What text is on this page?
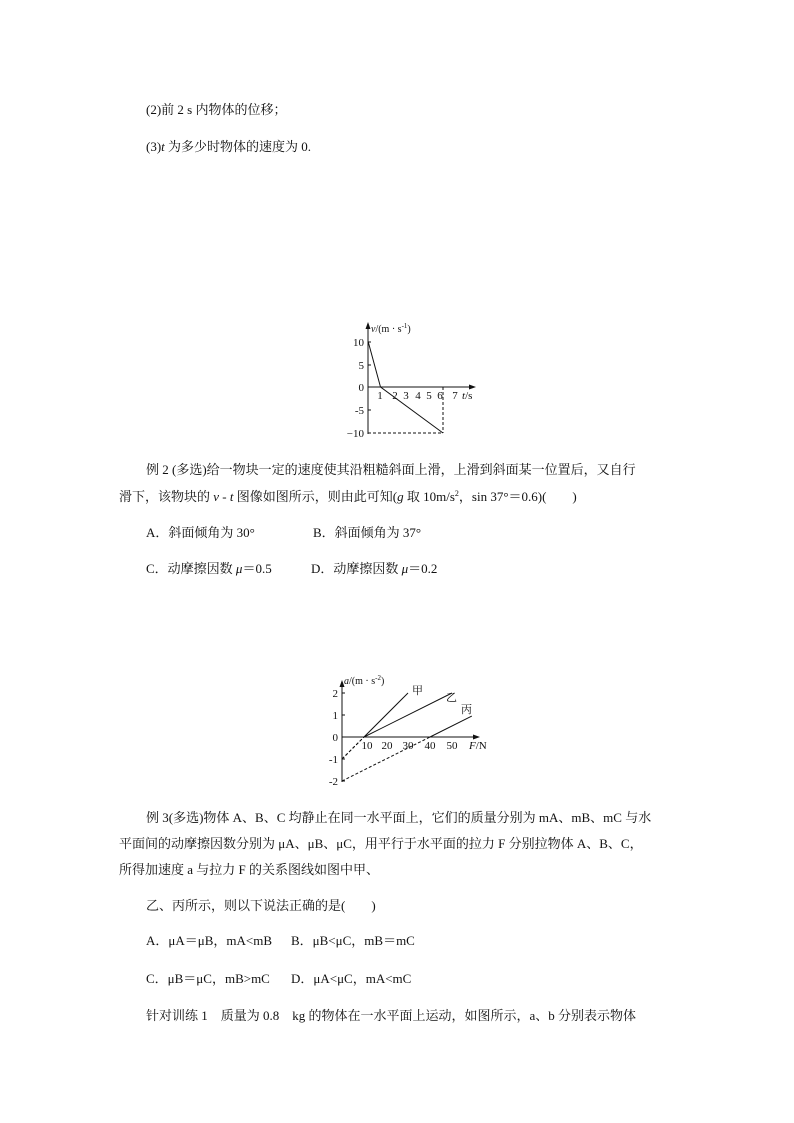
(2)前 2 s 内物体的位移；
(3)t 为多少时物体的速度为 0.
$v/(m \cdot s^{-1})$
10
5
0
-5
−10
1 2 3 4 5 6 7 t/s
例 2 (多选)给一物块一定的速度使其沿粗糙斜面上滑，上滑到斜面某一位置后，又自行
滑下，该物块的 v - t 图像如图所示，则由此可知(g 取 $10m/s^2$，sin 37°＝0.6)(　　)
A．斜面倾角为 30°	B．斜面倾角为 37°
C．动摩擦因数 μ＝0.5	D．动摩擦因数 μ＝0.2
$a/(m \cdot s^{-2})$
2
1
0
-1
-2
10 20 30 40 50 F/N
甲
乙
丙
例 3(多选)物体 A、B、C 均静止在同一水平面上，它们的质量分别为 mA、mB、mC 与水
平面间的动摩擦因数分别为 μA、μB、μC，用平行于水平面的拉力 F 分别拉物体 A、B、C，
所得加速度 a 与拉力 F 的关系图线如图中甲、
乙、丙所示，则以下说法正确的是(　　)
A．μA＝μB，mA<mB B．μB<μC，mB＝mC
C．μB＝μC，mB>mC D．μA<μC，mA<mC
针对训练 1　质量为 0.8　kg 的物体在一水平面上运动，如图所示，a、b 分别表示物体
